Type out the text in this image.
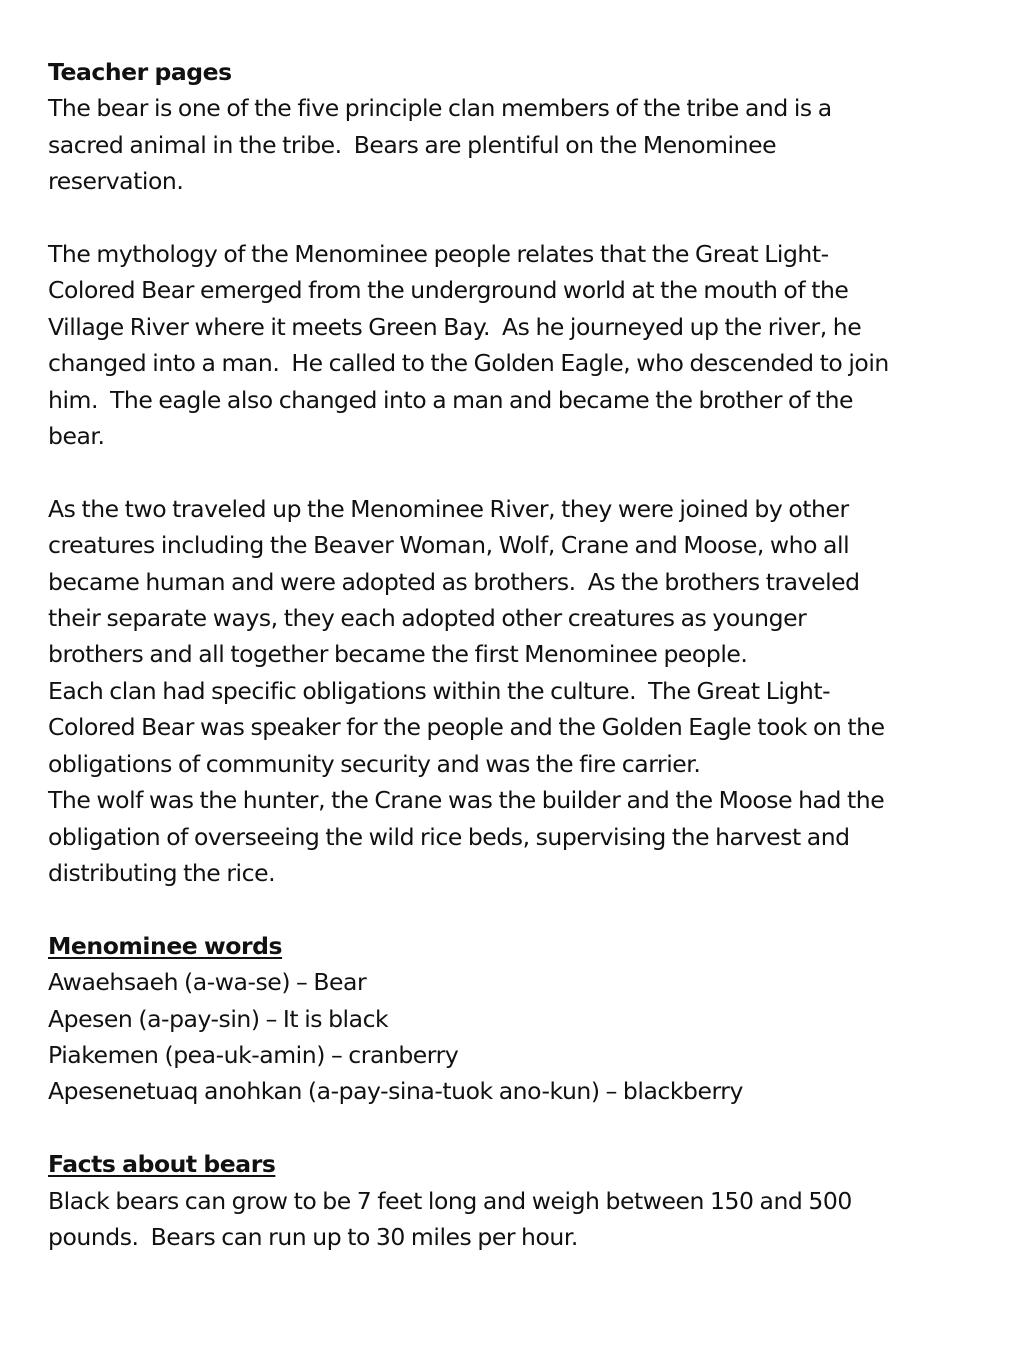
Teacher pages
The bear is one of the five principle clan members of the tribe and is a
sacred animal in the tribe.  Bears are plentiful on the Menominee
reservation.
The mythology of the Menominee people relates that the Great Light-
Colored Bear emerged from the underground world at the mouth of the
Village River where it meets Green Bay.  As he journeyed up the river, he
changed into a man.  He called to the Golden Eagle, who descended to join
him.  The eagle also changed into a man and became the brother of the
bear.
As the two traveled up the Menominee River, they were joined by other
creatures including the Beaver Woman, Wolf, Crane and Moose, who all
became human and were adopted as brothers.  As the brothers traveled
their separate ways, they each adopted other creatures as younger
brothers and all together became the first Menominee people.
Each clan had specific obligations within the culture.  The Great Light-
Colored Bear was speaker for the people and the Golden Eagle took on the
obligations of community security and was the fire carrier.
The wolf was the hunter, the Crane was the builder and the Moose had the
obligation of overseeing the wild rice beds, supervising the harvest and
distributing the rice.
Menominee words
Awaehsaeh (a-wa-se) – Bear
Apesen (a-pay-sin) – It is black
Piakemen (pea-uk-amin) – cranberry
Apesenetuaq anohkan (a-pay-sina-tuok ano-kun) – blackberry
Facts about bears
Black bears can grow to be 7 feet long and weigh between 150 and 500
pounds.  Bears can run up to 30 miles per hour.
